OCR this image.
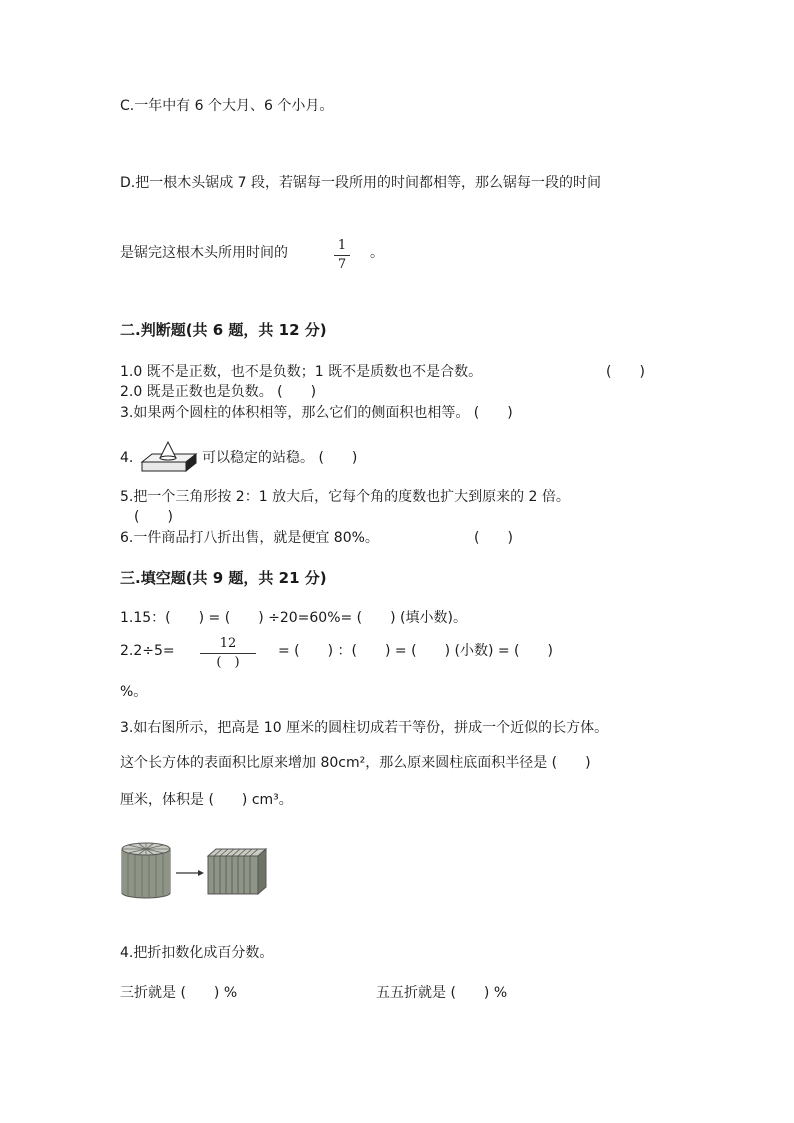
C.一年中有 6 个大月、6 个小月。
D.把一根木头锯成 7 段，若锯每一段所用的时间都相等，那么锯每一段的时间
是锯完这根木头所用时间的	1
7
。
二.判断题(共 6 题，共 12 分)
1.0 既不是正数，也不是负数；1 既不是质数也不是合数。	(　　)
2.0 既是正数也是负数。 (　　)
3.如果两个圆柱的体积相等，那么它们的侧面积也相等。 (　　)
4.	可以稳定的站稳。 (　　)
5.把一个三角形按 2：1 放大后，它每个角的度数也扩大到原来的 2 倍。
(　　)
6.一件商品打八折出售，就是便宜 80%。	(　　)
三.填空题(共 9 题，共 21 分)
1.15：(　　) = (　　) ÷20=60%= (　　) (填小数)。
2.2÷5=	12
(　)
= (　　) ：(　　) = (　　) (小数) = (　　)
%。
3.如右图所示，把高是 10 厘米的圆柱切成若干等份，拼成一个近似的长方体。
这个长方体的表面积比原来增加 80cm²，那么原来圆柱底面积半径是 (　　)
厘米，体积是 (　　) cm³。
4.把折扣数化成百分数。
三折就是 (　　) %	五五折就是 (　　) %
